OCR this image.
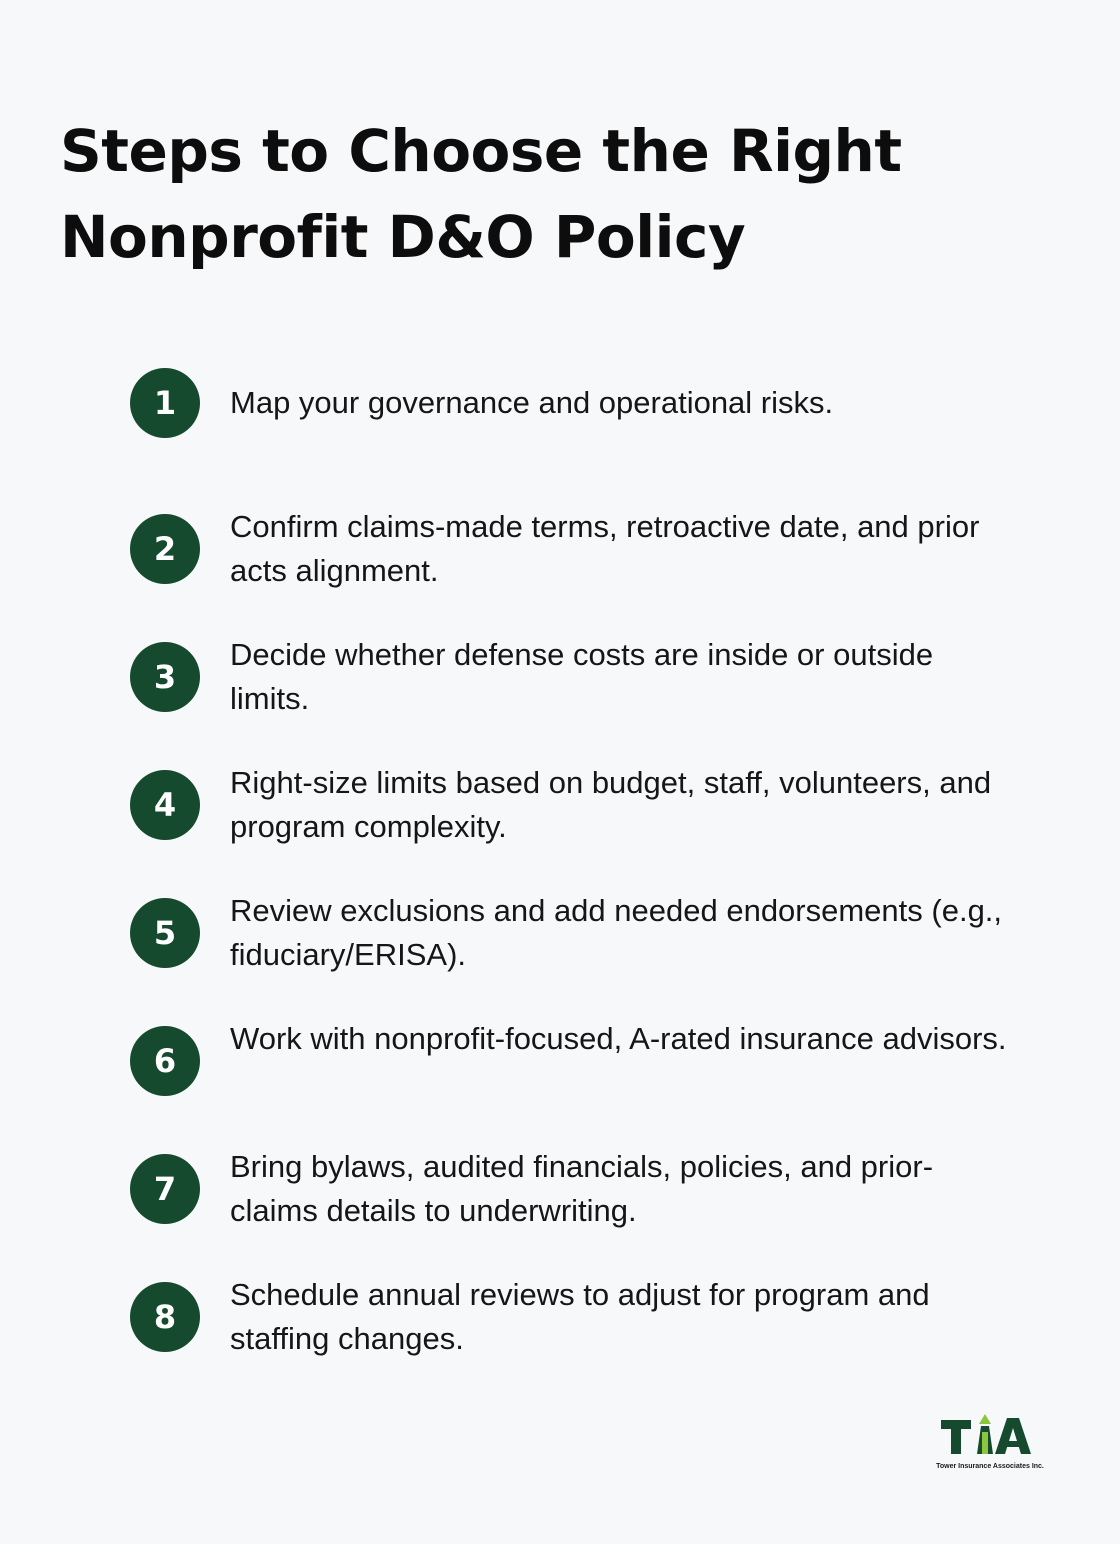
Steps to Choose the Right
Nonprofit D&O Policy
1	Map your governance and operational risks.

2

Confirm claims-made terms, retroactive date, and prior acts alignment.

3

Decide whether defense costs are inside or outside limits.

4

Right-size limits based on budget, staff, volunteers, and program complexity.

5

Review exclusions and add needed endorsements (e.g., fiduciary/ERISA).

6

Work with nonprofit-focused, A-rated insurance advisors.

7

Bring bylaws, audited financials, policies, and prior-claims details to underwriting.

8

Schedule annual reviews to adjust for program and staffing changes.

Tower Insurance Associates Inc.
